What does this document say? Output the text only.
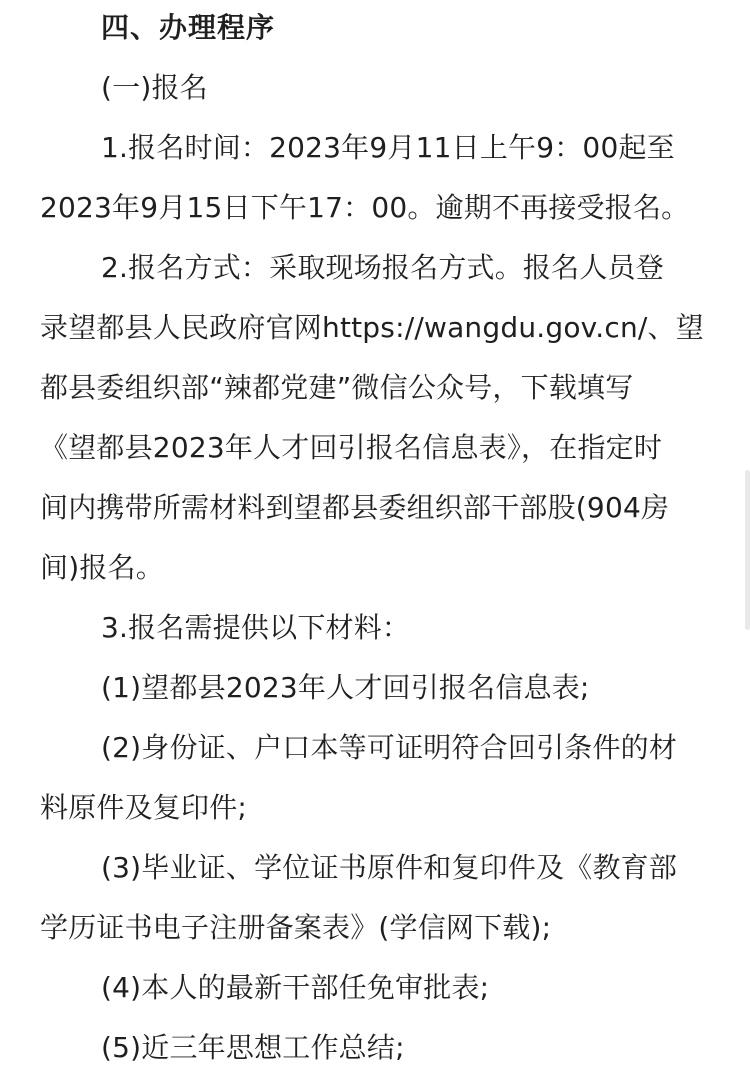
四、办理程序
(一)报名
1.报名时间：2023年9月11日上午9：00起至
2023年9月15日下午17：00。逾期不再接受报名。
2.报名方式：采取现场报名方式。报名人员登
录望都县人民政府官网https://wangdu.gov.cn/、望
都县委组织部“辣都党建”微信公众号，下载填写
《望都县2023年人才回引报名信息表》，在指定时
间内携带所需材料到望都县委组织部干部股(904房
间)报名。
3.报名需提供以下材料：
(1)望都县2023年人才回引报名信息表;
(2)身份证、户口本等可证明符合回引条件的材
料原件及复印件;
(3)毕业证、学位证书原件和复印件及《教育部
学历证书电子注册备案表》(学信网下载);
(4)本人的最新干部任免审批表;
(5)近三年思想工作总结;
